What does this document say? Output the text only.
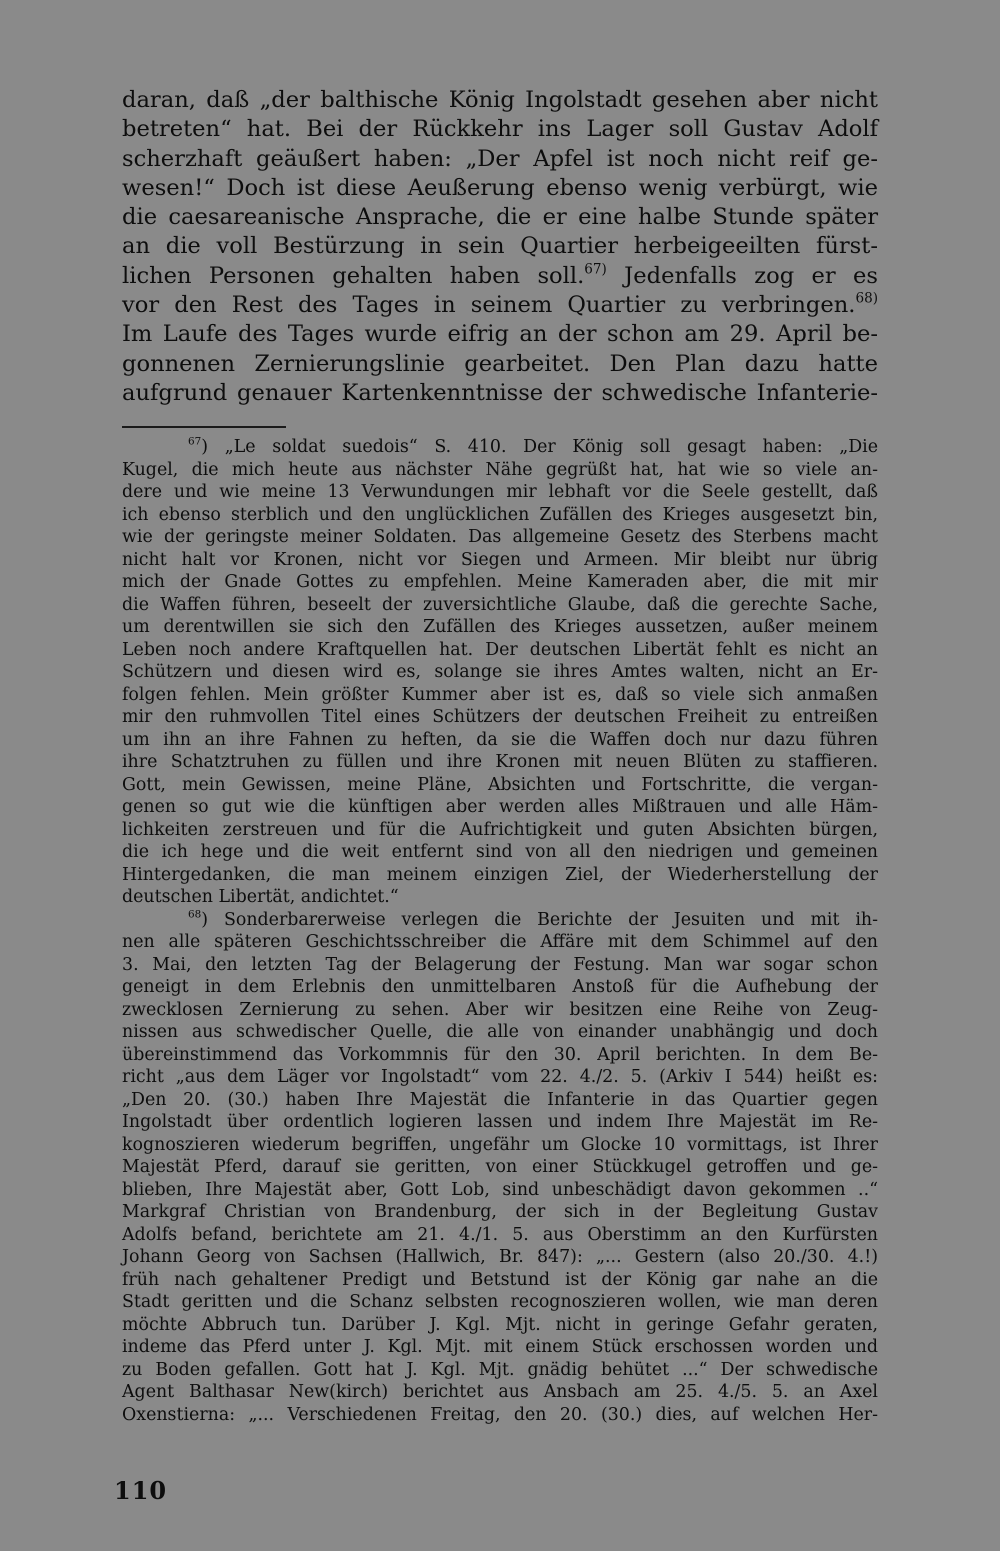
daran, daß „der balthische König Ingolstadt gesehen aber nicht
betreten“ hat. Bei der Rückkehr ins Lager soll Gustav Adolf
scherzhaft geäußert haben: „Der Apfel ist noch nicht reif ge-
wesen!“ Doch ist diese Aeußerung ebenso wenig verbürgt, wie
die caesareanische Ansprache, die er eine halbe Stunde später
an die voll Bestürzung in sein Quartier herbeigeeilten fürst-
lichen Personen gehalten haben soll.$^{67)}$ Jedenfalls zog er es
vor den Rest des Tages in seinem Quartier zu verbringen.$^{68)}$
Im Laufe des Tages wurde eifrig an der schon am 29. April be-
gonnenen Zernierungslinie gearbeitet. Den Plan dazu hatte
aufgrund genauer Kartenkenntnisse der schwedische Infanterie-
$^{67}$) „Le soldat suedois“ S. 410. Der König soll gesagt haben: „Die
Kugel, die mich heute aus nächster Nähe gegrüßt hat, hat wie so viele an-
dere und wie meine 13 Verwundungen mir lebhaft vor die Seele gestellt, daß
ich ebenso sterblich und den unglücklichen Zufällen des Krieges ausgesetzt bin,
wie der geringste meiner Soldaten. Das allgemeine Gesetz des Sterbens macht
nicht halt vor Kronen, nicht vor Siegen und Armeen. Mir bleibt nur übrig
mich der Gnade Gottes zu empfehlen. Meine Kameraden aber, die mit mir
die Waffen führen, beseelt der zuversichtliche Glaube, daß die gerechte Sache,
um derentwillen sie sich den Zufällen des Krieges aussetzen, außer meinem
Leben noch andere Kraftquellen hat. Der deutschen Libertät fehlt es nicht an
Schützern und diesen wird es, solange sie ihres Amtes walten, nicht an Er-
folgen fehlen. Mein größter Kummer aber ist es, daß so viele sich anmaßen
mir den ruhmvollen Titel eines Schützers der deutschen Freiheit zu entreißen
um ihn an ihre Fahnen zu heften, da sie die Waffen doch nur dazu führen
ihre Schatztruhen zu füllen und ihre Kronen mit neuen Blüten zu staffieren.
Gott, mein Gewissen, meine Pläne, Absichten und Fortschritte, die vergan-
genen so gut wie die künftigen aber werden alles Mißtrauen und alle Häm-
lichkeiten zerstreuen und für die Aufrichtigkeit und guten Absichten bürgen,
die ich hege und die weit entfernt sind von all den niedrigen und gemeinen
Hintergedanken, die man meinem einzigen Ziel, der Wiederherstellung der
deutschen Libertät, andichtet.“
$^{68}$) Sonderbarerweise verlegen die Berichte der Jesuiten und mit ih-
nen alle späteren Geschichtsschreiber die Affäre mit dem Schimmel auf den
3. Mai, den letzten Tag der Belagerung der Festung. Man war sogar schon
geneigt in dem Erlebnis den unmittelbaren Anstoß für die Aufhebung der
zwecklosen Zernierung zu sehen. Aber wir besitzen eine Reihe von Zeug-
nissen aus schwedischer Quelle, die alle von einander unabhängig und doch
übereinstimmend das Vorkommnis für den 30. April berichten. In dem Be-
richt „aus dem Läger vor Ingolstadt“ vom 22. 4./2. 5. (Arkiv I 544) heißt es:
„Den 20. (30.) haben Ihre Majestät die Infanterie in das Quartier gegen
Ingolstadt über ordentlich logieren lassen und indem Ihre Majestät im Re-
kognoszieren wiederum begriffen, ungefähr um Glocke 10 vormittags, ist Ihrer
Majestät Pferd, darauf sie geritten, von einer Stückkugel getroffen und ge-
blieben, Ihre Majestät aber, Gott Lob, sind unbeschädigt davon gekommen ..“
Markgraf Christian von Brandenburg, der sich in der Begleitung Gustav
Adolfs befand, berichtete am 21. 4./1. 5. aus Oberstimm an den Kurfürsten
Johann Georg von Sachsen (Hallwich, Br. 847): „... Gestern (also 20./30. 4.!)
früh nach gehaltener Predigt und Betstund ist der König gar nahe an die
Stadt geritten und die Schanz selbsten recognoszieren wollen, wie man deren
möchte Abbruch tun. Darüber J. Kgl. Mjt. nicht in geringe Gefahr geraten,
indeme das Pferd unter J. Kgl. Mjt. mit einem Stück erschossen worden und
zu Boden gefallen. Gott hat J. Kgl. Mjt. gnädig behütet ...“ Der schwedische
Agent Balthasar New(kirch) berichtet aus Ansbach am 25. 4./5. 5. an Axel
Oxenstierna: „... Verschiedenen Freitag, den 20. (30.) dies, auf welchen Her-
110
